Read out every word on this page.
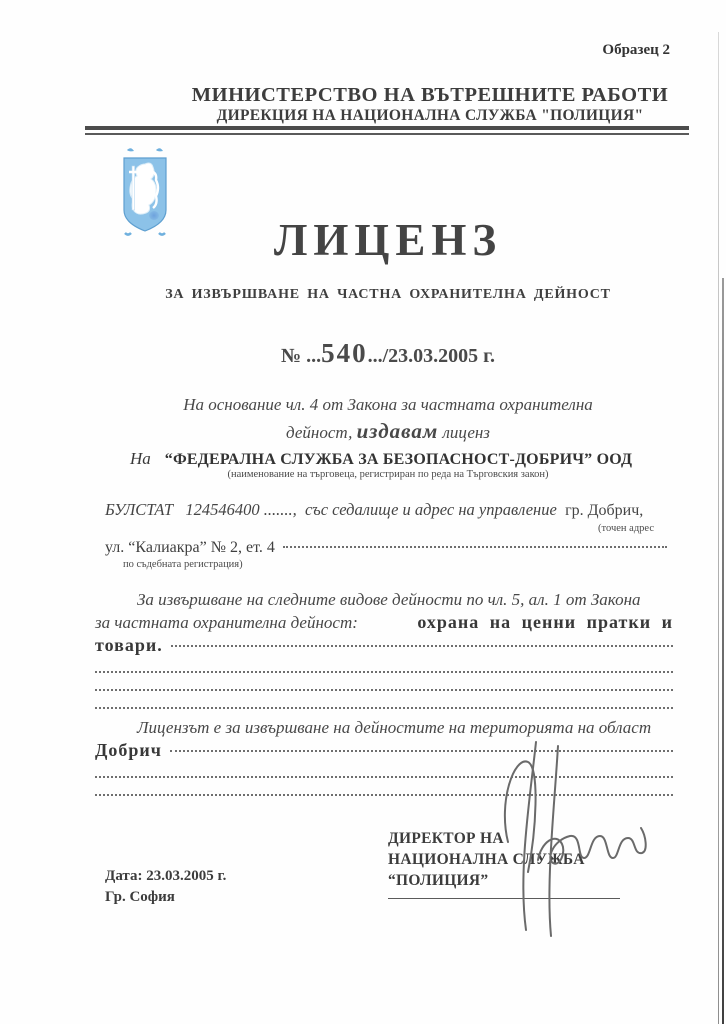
Образец 2
МИНИСТЕРСТВО НА ВЪТРЕШНИТЕ РАБОТИ
ДИРЕКЦИЯ НА НАЦИОНАЛНА СЛУЖБА "ПОЛИЦИЯ"
ЛИЦЕНЗ
ЗА ИЗВЪРШВАНЕ НА ЧАСТНА ОХРАНИТЕЛНА ДЕЙНОСТ
№ ...540.../23.03.2005 г.
На основание чл. 4 от Закона за частната охранителна
дейност, издавам лиценз
На “ФЕДЕРАЛНА СЛУЖБА ЗА БЕЗОПАСНОСТ-ДОБРИЧ” ООД
(наименование на търговеца, регистриран по реда на Търговския закон)
БУЛСТАТ 124546400 ......., със седалище и адрес на управление гр. Добрич,
(точен адрес
ул. “Калиакра” № 2, ет. 4
по съдебната регистрация)
За извършване на следните видове дейности по чл. 5, ал. 1 от Закона
за частната охранителна дейност:	охрана на ценни пратки и
товари.
Лицензът е за извършване на дейностите на територията на област
Добрич
ДИРЕКТОР НА
НАЦИОНАЛНА СЛУЖБА
“ПОЛИЦИЯ”
Дата: 23.03.2005 г.
Гр. София
